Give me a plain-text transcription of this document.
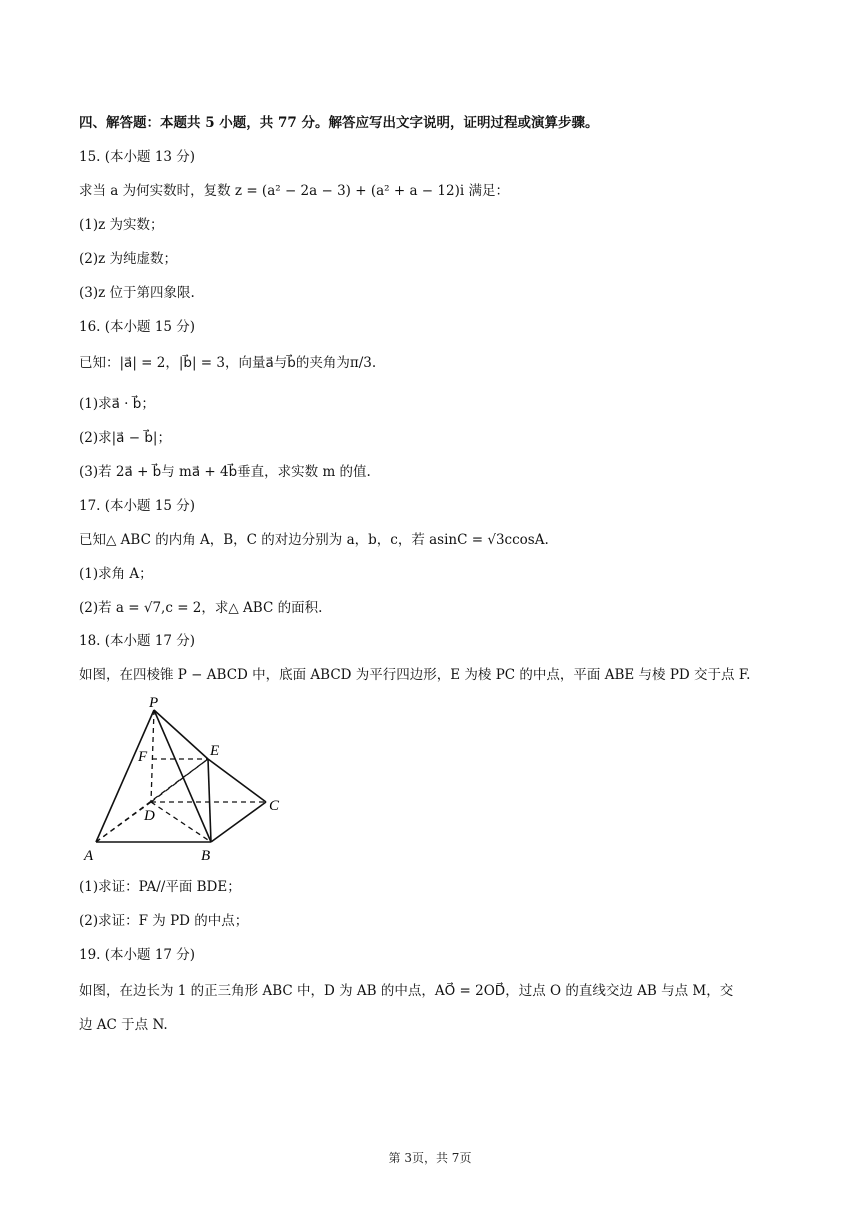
四、解答题：本题共 5 小题，共 77 分。解答应写出文字说明，证明过程或演算步骤。
15. (本小题 13 分)
求当 a 为何实数时，复数 z = (a² − 2a − 3) + (a² + a − 12)i 满足：
(1)z 为实数；
(2)z 为纯虚数；
(3)z 位于第四象限.
16. (本小题 15 分)
已知：|a⃗| = 2，|b⃗| = 3，向量a⃗与b⃗的夹角为π/3.
(1)求a⃗ · b⃗；
(2)求|a⃗ − b⃗|；
(3)若 2a⃗ + b⃗与 ma⃗ + 4b⃗垂直，求实数 m 的值.
17. (本小题 15 分)
已知△ ABC 的内角 A，B，C 的对边分别为 a，b，c，若 asinC = √3ccosA.
(1)求角 A；
(2)若 a = √7,c = 2，求△ ABC 的面积.
18. (本小题 17 分)
如图，在四棱锥 P − ABCD 中，底面 ABCD 为平行四边形，E 为棱 PC 的中点，平面 ABE 与棱 PD 交于点 F.
P
E
F
D
C
A	B
(1)求证：PA//平面 BDE；
(2)求证：F 为 PD 的中点；
19. (本小题 17 分)
如图，在边长为 1 的正三角形 ABC 中，D 为 AB 的中点，AO⃗ = 2OD⃗，过点 O 的直线交边 AB 与点 M，交
边 AC 于点 N.
第 3页，共 7页
